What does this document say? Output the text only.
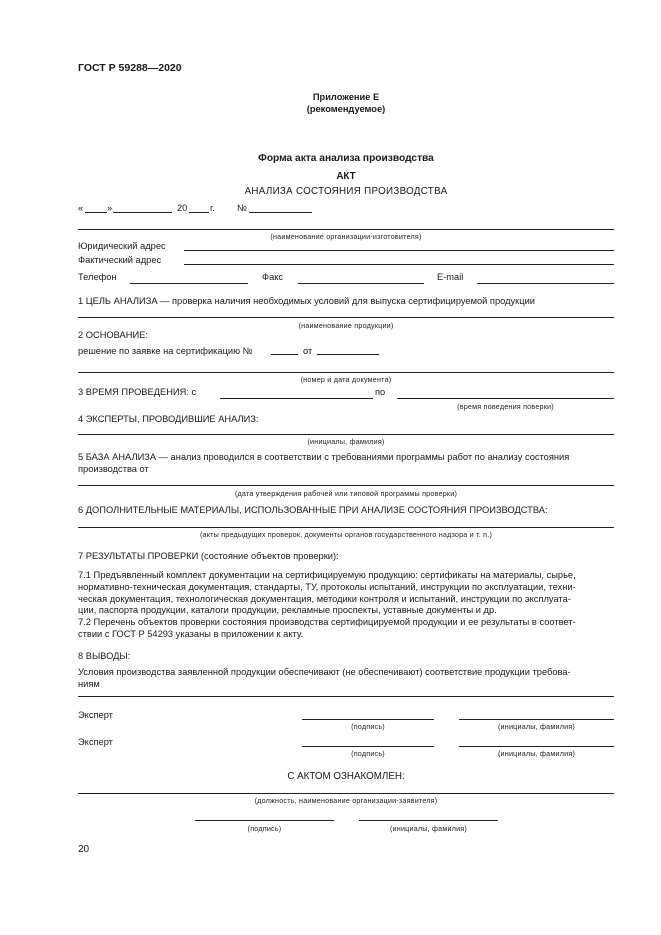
ГОСТ Р 59288—2020
Приложение Е
(рекомендуемое)
Форма акта анализа производства
АКТ
АНАЛИЗА СОСТОЯНИЯ ПРОИЗВОДСТВА
«	»	20 г. №
(наименование организации-изготовителя)
Юридический адрес
Фактический адрес
Телефон	Факс	E-mail
1 ЦЕЛЬ АНАЛИЗА — проверка наличия необходимых условий для выпуска сертифицируемой продукции
(наименование продукции)
2 ОСНОВАНИЕ:
решение по заявке на сертификацию №	от
(номер и дата документа)
3 ВРЕМЯ ПРОВЕДЕНИЯ: с	по
(время поведения поверки)
4 ЭКСПЕРТЫ, ПРОВОДИВШИЕ АНАЛИЗ:
(инициалы, фамилия)
5 БАЗА АНАЛИЗА — анализ проводился в соответствии с требованиями программы работ по анализу состояния
производства от
(дата утверждения рабочей или типовой программы проверки)
6 ДОПОЛНИТЕЛЬНЫЕ МАТЕРИАЛЫ, ИСПОЛЬЗОВАННЫЕ ПРИ АНАЛИЗЕ СОСТОЯНИЯ ПРОИЗВОДСТВА:
(акты предыдущих проверок, документы органов государственного надзора и т. п.)
7 РЕЗУЛЬТАТЫ ПРОВЕРКИ (состояние объектов проверки):
7.1 Предъявленный комплект документации на сертифицируемую продукцию: сертификаты на материалы, сырье,
нормативно-техническая документация, стандарты, ТУ, протоколы испытаний, инструкции по эксплуатации, техни-
ческая документация, технологическая документация, методики контроля и испытаний, инструкции по эксплуата-
ции, паспорта продукции, каталоги продукции, рекламные проспекты, уставные документы и др.
7.2 Перечень объектов проверки состояния производства сертифицируемой продукции и ее результаты в соответ-
ствии с ГОСТ Р 54293 указаны в приложении к акту.
8 ВЫВОДЫ:
Условия производства заявленной продукции обеспечивают (не обеспечивают) соответствие продукции требова-
ниям
Эксперт
(подпись)	(инициалы, фамилия)
Эксперт
(подпись)	(инициалы, фамилия)
С АКТОМ ОЗНАКОМЛЕН:
(должность, наименование организации-заявителя)
(подпись)	(инициалы, фамилия)
20
